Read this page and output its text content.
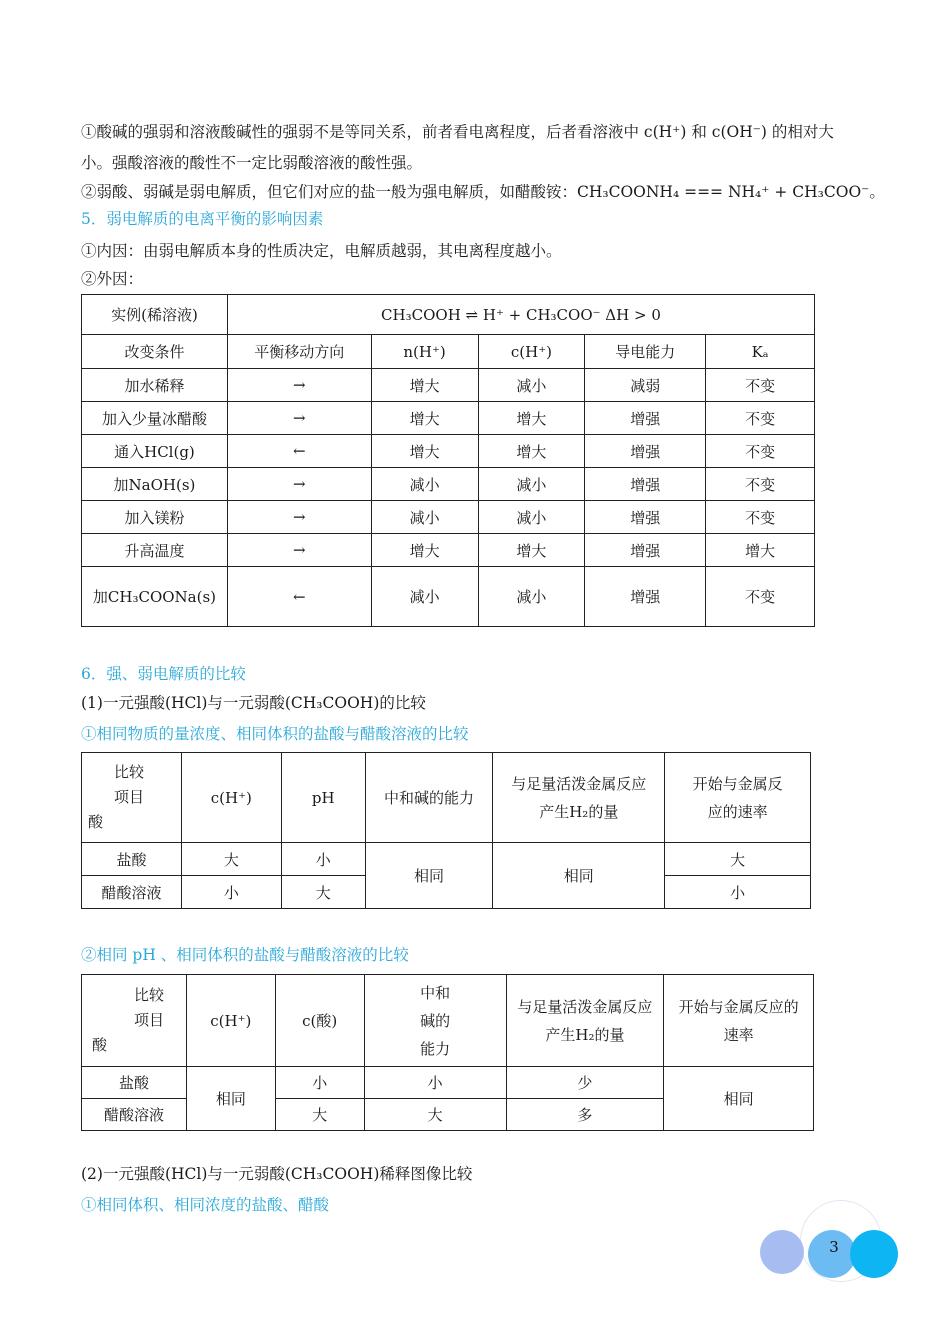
①酸碱的强弱和溶液酸碱性的强弱不是等同关系，前者看电离程度，后者看溶液中 c(H⁺) 和 c(OH⁻) 的相对大
小。强酸溶液的酸性不一定比弱酸溶液的酸性强。
②弱酸、弱碱是弱电解质，但它们对应的盐一般为强电解质，如醋酸铵：CH₃COONH₄ === NH₄⁺ + CH₃COO⁻。
5．弱电解质的电离平衡的影响因素
①内因：由弱电解质本身的性质决定，电解质越弱，其电离程度越小。
②外因：
实例(稀溶液)	CH₃COOH ⇌ H⁺ + CH₃COO⁻ ΔH > 0				
改变条件	平衡移动方向	n(H⁺)	c(H⁺)	导电能力	Kₐ
加水稀释	→	增大	减小	减弱	不变
加入少量冰醋酸	→	增大	增大	增强	不变
通入HCl(g)	←	增大	增大	增强	不变
加NaOH(s)	→	减小	减小	增强	不变
加入镁粉	→	减小	减小	增强	不变
升高温度	→	增大	增大	增强	增大
加CH₃COONa(s)	←	减小	减小	增强	不变
6．强、弱电解质的比较
(1)一元强酸(HCl)与一元弱酸(CH₃COOH)的比较
①相同物质的量浓度、相同体积的盐酸与醋酸溶液的比较
比较
项目
酸	c(H⁺)	pH	中和碱的能力	与足量活泼金属反应产生H₂的量	开始与金属反应的速率
盐酸	大	小	相同	相同	大
醋酸溶液	小	大			小
②相同 pH 、相同体积的盐酸与醋酸溶液的比较
比较
项目
酸	c(H⁺)	c(酸)	中和碱的能力	与足量活泼金属反应产生H₂的量	开始与金属反应的速率
盐酸	相同	小	小	少	相同
醋酸溶液		大	大	多	
(2)一元强酸(HCl)与一元弱酸(CH₃COOH)稀释图像比较
①相同体积、相同浓度的盐酸、醋酸
3
